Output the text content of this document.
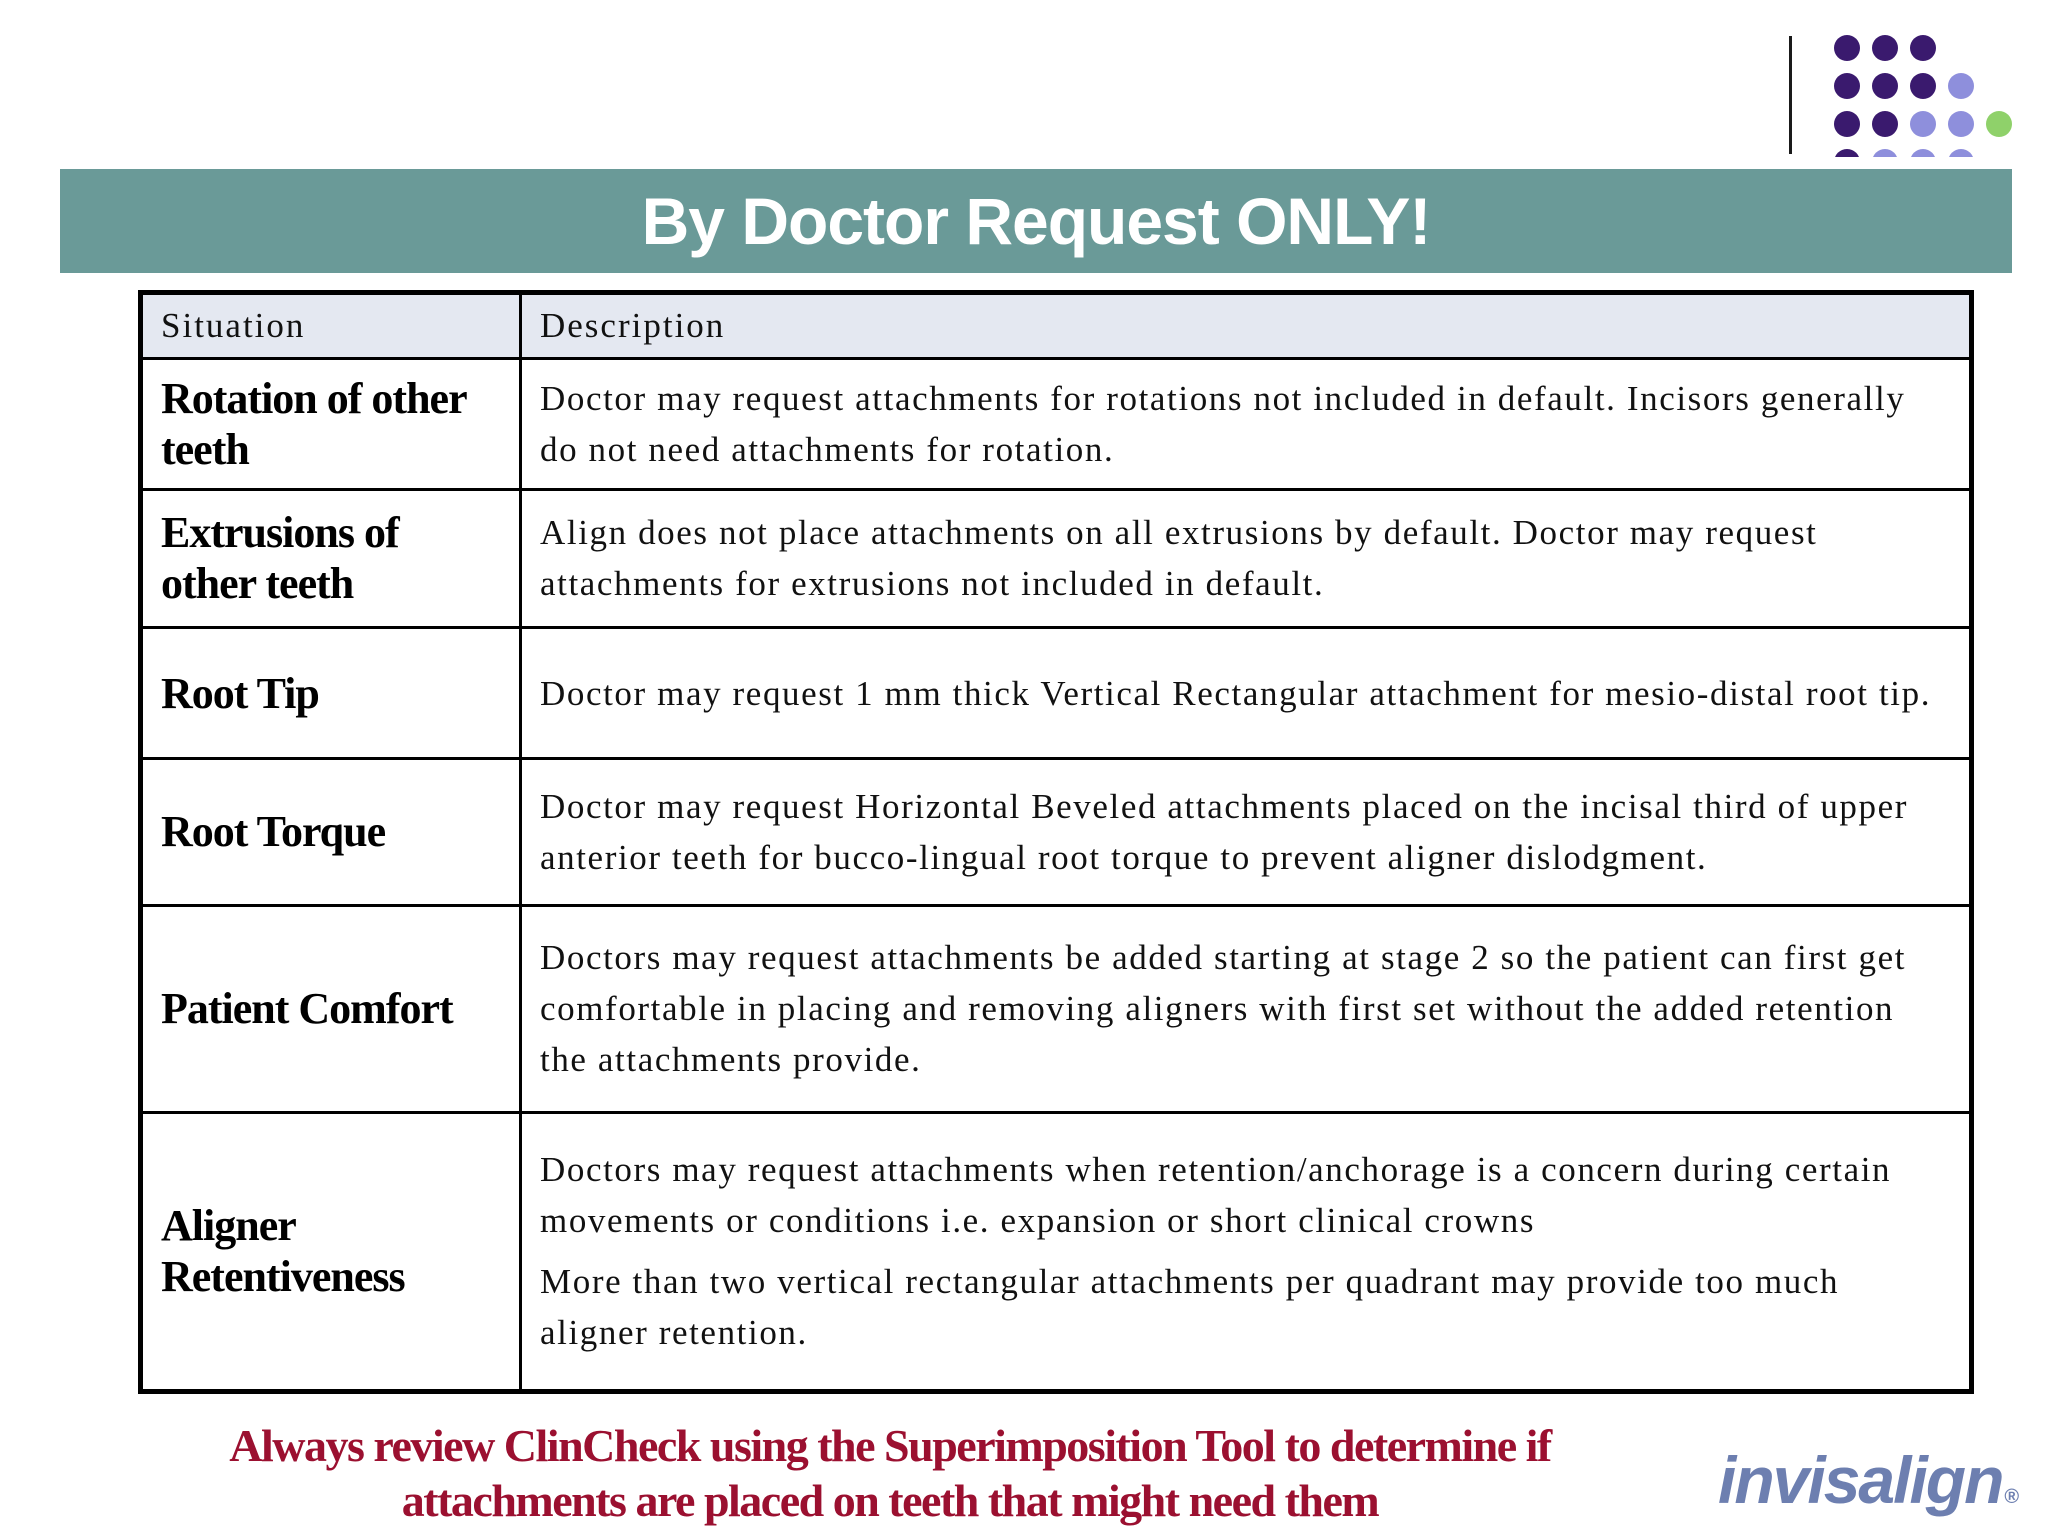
By Doctor Request ONLY!
Situation	Description
Rotation of other teeth	Doctor may request attachments for rotations not included in default. Incisors generally do not need attachments for rotation.

Extrusions of other teeth	Align does not place attachments on all extrusions by default. Doctor may request attachments for extrusions not included in default.

Root Tip	Doctor may request 1 mm thick Vertical Rectangular attachment for mesio-distal root tip.

Root Torque	Doctor may request Horizontal Beveled attachments placed on the incisal third of upper anterior teeth for bucco-lingual root torque to prevent aligner dislodgment.

Patient Comfort	Doctors may request attachments be added starting at stage 2 so the patient can first get comfortable in placing and removing aligners with first set without the added retention the attachments provide.

Aligner Retentiveness	Doctors may request attachments when retention/anchorage is a concern during certain movements or conditions i.e. expansion or short clinical crowns

More than two vertical rectangular attachments per quadrant may provide too much aligner retention.

Always review ClinCheck using the Superimposition Tool to determine if attachments are placed on teeth that might need them	invisalign$_®$
